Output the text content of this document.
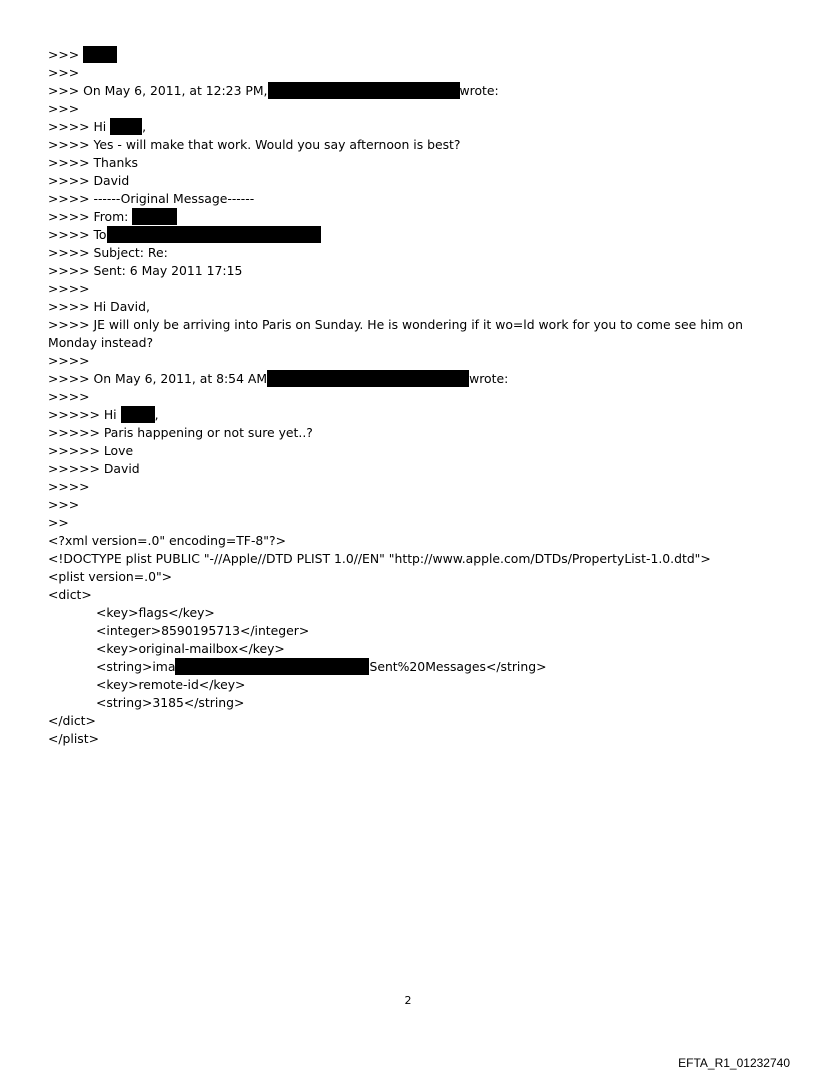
>>>
>>>
>>> On May 6, 2011, at 12:23 PM,	wrote:
>>>
>>>> Hi	,
>>>> Yes - will make that work. Would you say afternoon is best?
>>>> Thanks
>>>> David
>>>> ------Original Message------
>>>> From:
>>>> To
>>>> Subject: Re:
>>>> Sent: 6 May 2011 17:15
>>>>
>>>> Hi David,
>>>> JE will only be arriving into Paris on Sunday. He is wondering if it wo=ld work for you to come see him on Monday instead?
>>>>
>>>> On May 6, 2011, at 8:54 AM	wrote:
>>>>
>>>>> Hi	,
>>>>> Paris happening or not sure yet..?
>>>>> Love
>>>>> David
>>>>
>>>
>>
<?xml version=.0" encoding=TF-8"?>
<!DOCTYPE plist PUBLIC "-//Apple//DTD PLIST 1.0//EN" "http://www.apple.com/DTDs/PropertyList-1.0.dtd">
<plist version=.0">
<dict>
<key>flags</key>
<integer>8590195713</integer>
<key>original-mailbox</key>
<string>ima	Sent%20Messages</string>
<key>remote-id</key>
<string>3185</string>
</dict>
</plist>
2
EFTA_R1_01232740
